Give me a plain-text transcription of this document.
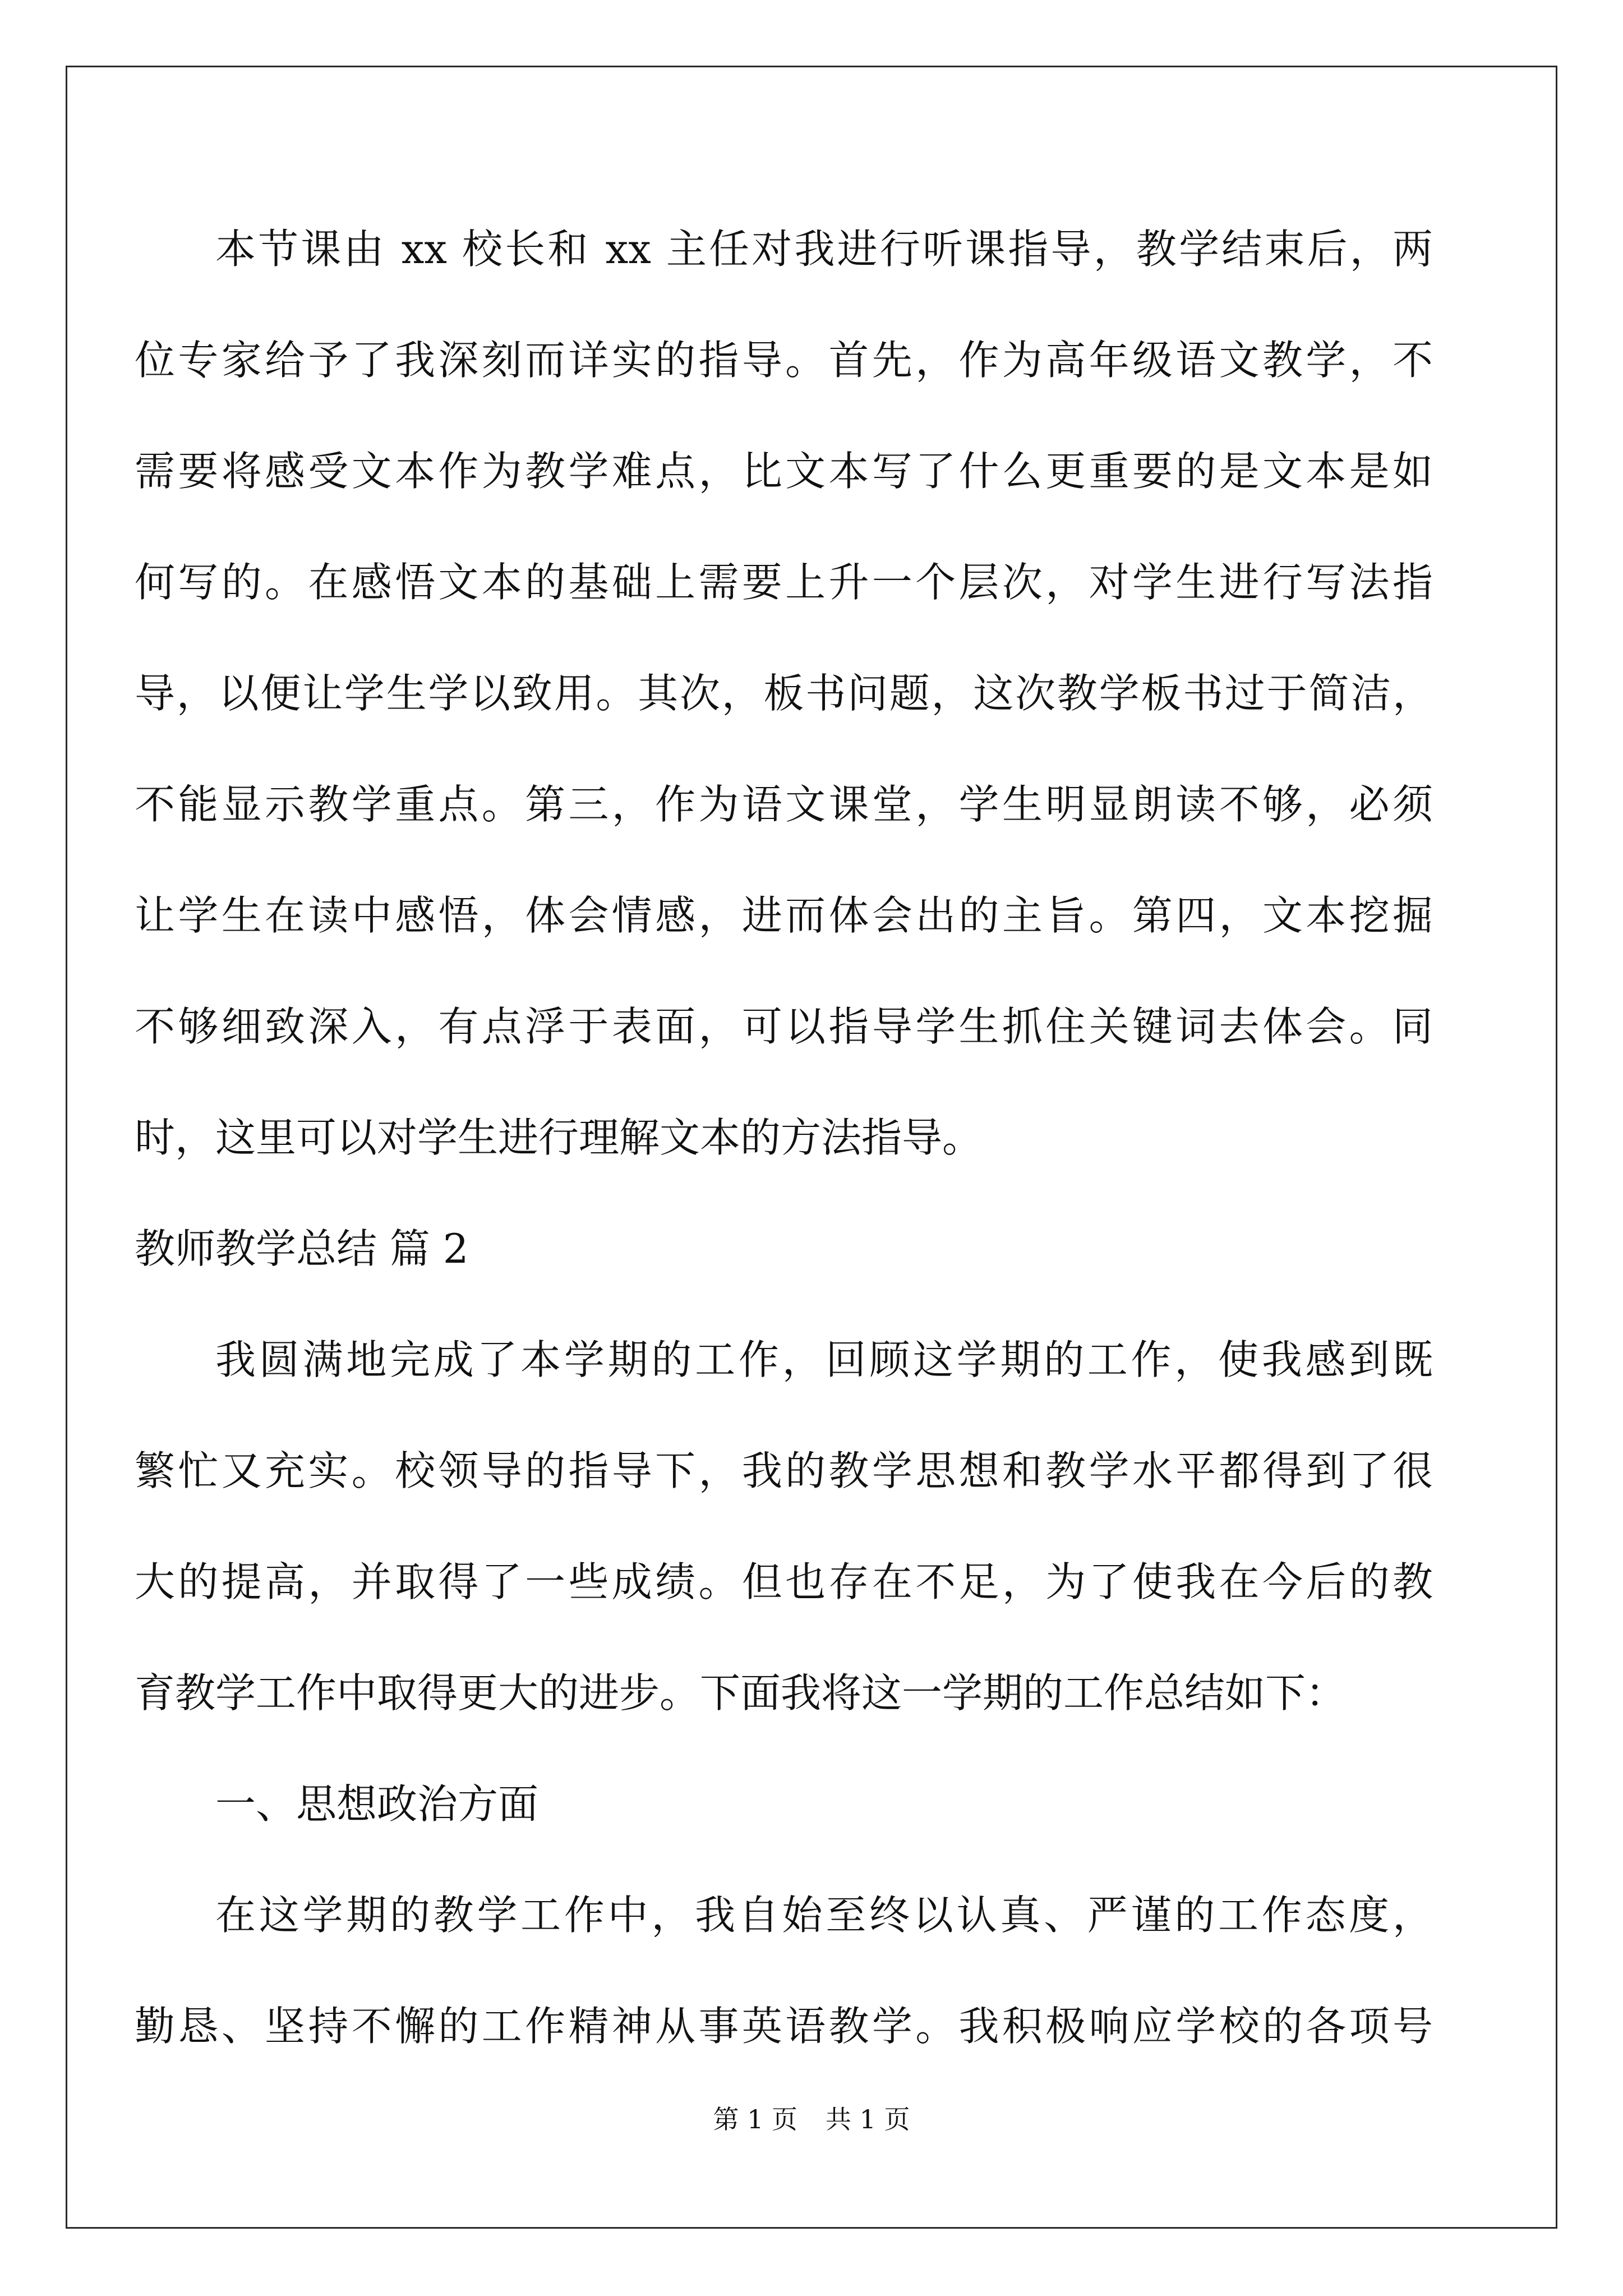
本节课由 xx 校长和 xx 主任对我进行听课指导，教学结束后，两
位专家给予了我深刻而详实的指导。首先，作为高年级语文教学，不
需要将感受文本作为教学难点，比文本写了什么更重要的是文本是如
何写的。在感悟文本的基础上需要上升一个层次，对学生进行写法指
导，以便让学生学以致用。其次，板书问题，这次教学板书过于简洁，
不能显示教学重点。第三，作为语文课堂，学生明显朗读不够，必须
让学生在读中感悟，体会情感，进而体会出的主旨。第四，文本挖掘
不够细致深入，有点浮于表面，可以指导学生抓住关键词去体会。同
时，这里可以对学生进行理解文本的方法指导。
教师教学总结 篇 2
我圆满地完成了本学期的工作，回顾这学期的工作，使我感到既
繁忙又充实。校领导的指导下，我的教学思想和教学水平都得到了很
大的提高，并取得了一些成绩。但也存在不足，为了使我在今后的教
育教学工作中取得更大的进步。下面我将这一学期的工作总结如下：
一、思想政治方面
在这学期的教学工作中，我自始至终以认真、严谨的工作态度，
勤恳、坚持不懈的工作精神从事英语教学。我积极响应学校的各项号
第 1 页 共 1 页
